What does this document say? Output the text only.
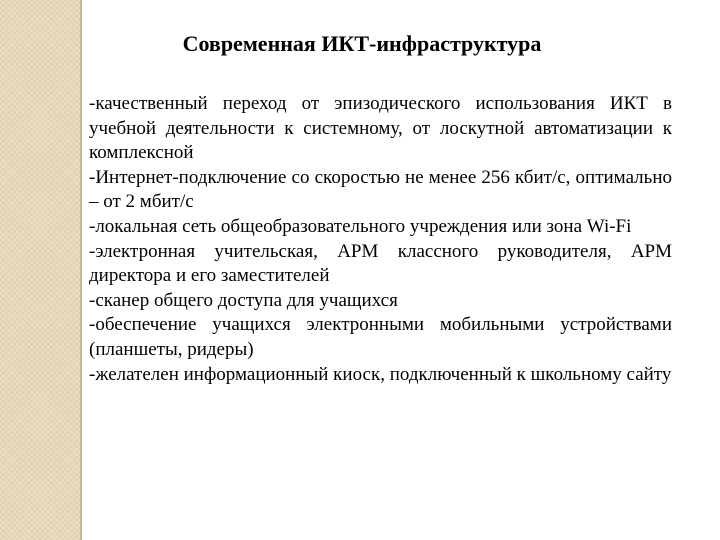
Современная ИКТ-инфраструктура

-качественный переход от эпизодического использования ИКТ в учебной деятельности к системному, от лоскутной автоматизации к комплексной

-Интернет-подключение со скоростью не менее 256 кбит/с, оптимально – от 2 мбит/с

-локальная сеть общеобразовательного учреждения или зона Wi-Fi

-электронная учительская, АРМ классного руководителя, АРМ директора и его заместителей

-сканер общего доступа для учащихся

-обеспечение учащихся электронными мобильными устройствами (планшеты, ридеры)

-желателен информационный киоск, подключенный к школьному сайту
